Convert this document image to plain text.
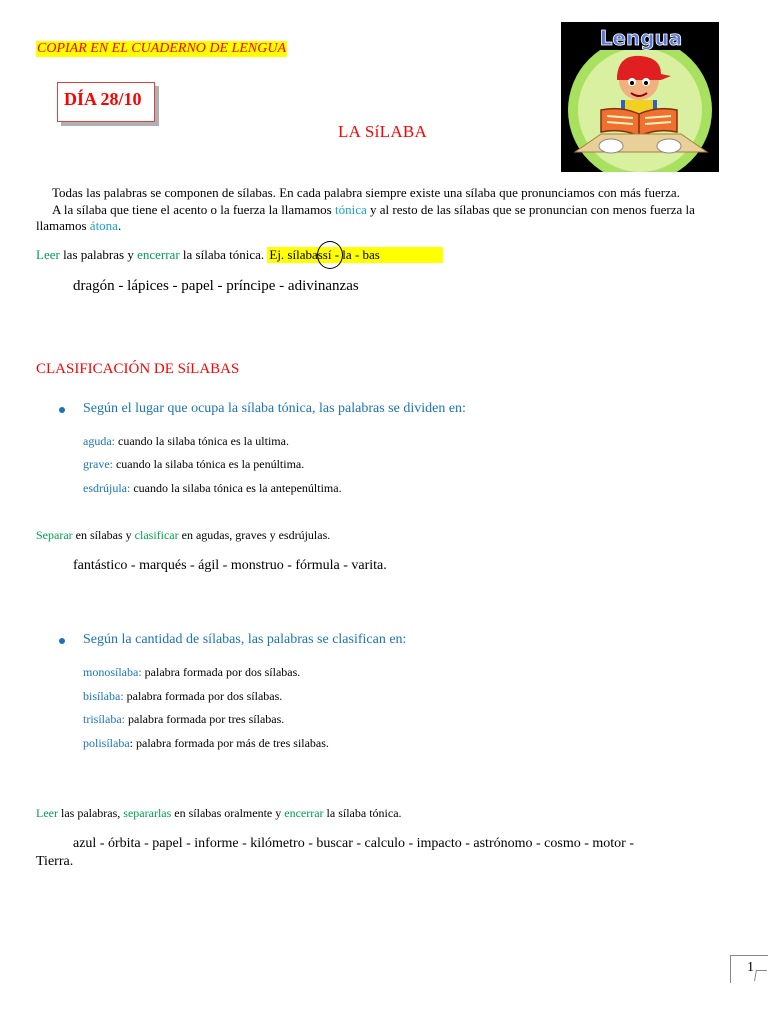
COPIAR EN EL CUADERNO DE LENGUA
DÍA 28/10
Lengua
LA SíLABA
Todas las palabras se componen de sílabas. En cada palabra siempre existe una sílaba que pronunciamos con más fuerza.
A la sílaba que tiene el acento o la fuerza la llamamos tónica y al resto de las sílabas que se pronuncian con menos fuerza la
llamamos átona.
Leer las palabras y encerrar la sílaba tónica. Ej. sílabassí - la - bas
dragón - lápices - papel - príncipe - adivinanzas
CLASIFICACIÓN DE SíLABAS
Según el lugar que ocupa la sílaba tónica, las palabras se dividen en:
aguda: cuando la silaba tónica es la ultima.
grave: cuando la silaba tónica es la penúltima.
esdrújula: cuando la silaba tónica es la antepenúltima.
Separar en sílabas y clasificar en agudas, graves y esdrújulas.
fantástico - marqués - ágil - monstruo - fórmula - varita.
Según la cantidad de sílabas, las palabras se clasifican en:
monosílaba: palabra formada por dos sílabas.
bisílaba: palabra formada por dos sílabas.
trisílaba: palabra formada por tres sílabas.
polisílaba: palabra formada por más de tres silabas.
Leer las palabras, separarlas en sílabas oralmente y encerrar la sílaba tónica.
azul - órbita - papel - informe - kilómetro - buscar - calculo - impacto - astrónomo - cosmo - motor -
Tierra.
1
